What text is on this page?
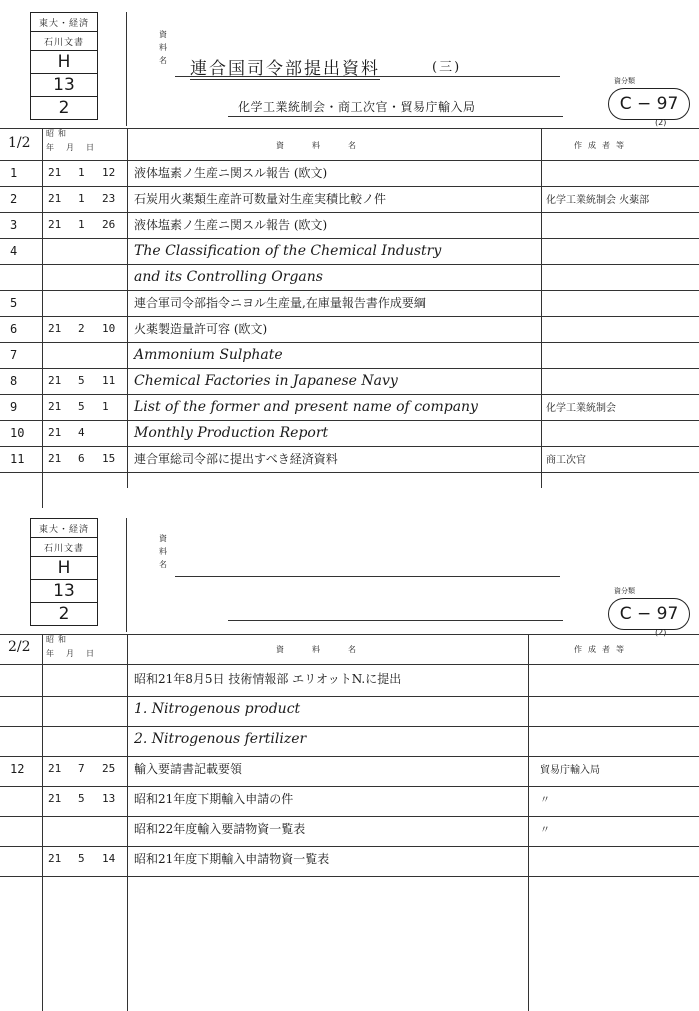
東大・経済
石川文書
H
13
2
資
料
名 連合国司令部提出資料	(三)
化学工業統制会・商工次官・貿易庁輸入局
資分類
C − 97
(2)
1/2
昭和
年　月　日	資　料　名	作成者等
1	21 1 12 液体塩素ノ生産ニ関スル報告 (欧文)
2	21 1 23 石炭用火薬類生産許可数量対生産実積比較ノ件	化学工業統制会 火薬部
3	21 1 26 液体塩素ノ生産ニ関スル報告 (欧文)
4	The Classification of the Chemical Industry
and its Controlling Organs
5	連合軍司令部指令ニヨル生産量,在庫量報告書作成要綱
6	21 2 10 火薬製造量許可容 (欧文)
7	Ammonium Sulphate
8	21 5 11 Chemical Factories in Japanese Navy
9	21 5 1 List of the former and present name of company	化学工業統制会
10 21 4	Monthly Production Report
11 21 6 15 連合軍総司令部に提出すべき経済資料	商工次官
東大・経済
石川文書
H
13
2
資
料
名
資分類
C − 97
(2)
2/2 昭和
年　月　日	資　料　名	作成者等
昭和21年8月5日 技術情報部 エリオットN.に提出
1. Nitrogenous product
2. Nitrogenous fertilizer
12 21 7 25 輸入要請書記載要領	貿易庁輸入局
21 5 13 昭和21年度下期輸入申請の件	〃
昭和22年度輸入要請物資一覧表	〃
21 5 14 昭和21年度下期輸入申請物資一覧表
